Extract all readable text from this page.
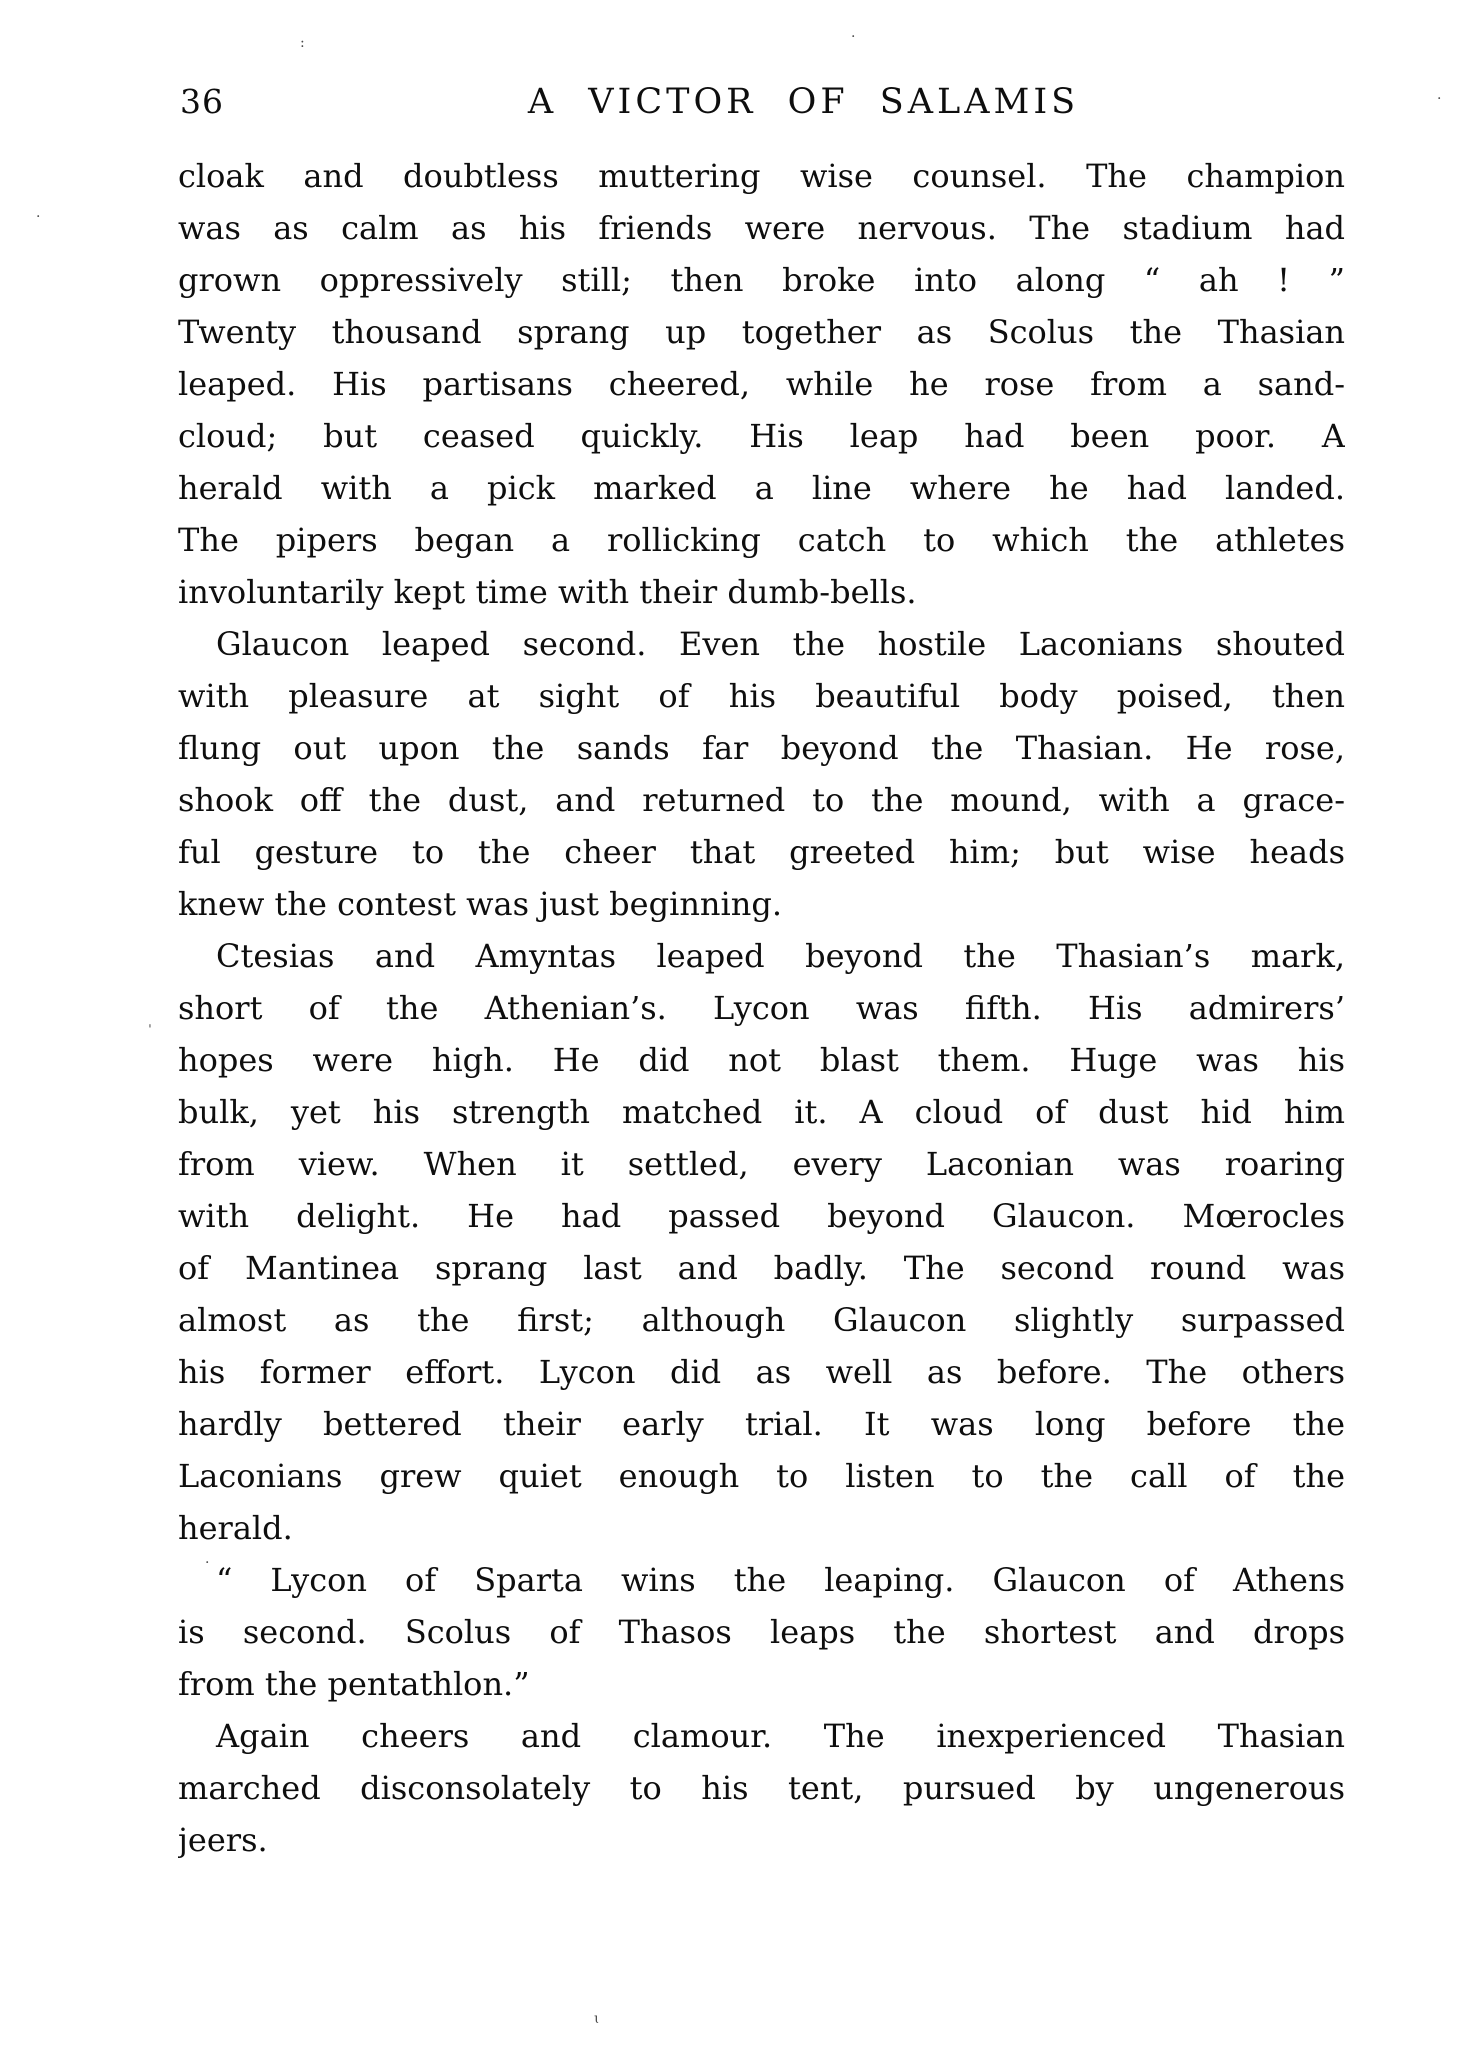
36	A VICTOR OF SALAMIS

cloak and doubtless muttering wise counsel. The champion
was as calm as his friends were nervous. The stadium had
grown oppressively still; then broke into along “ ah ! ”
Twenty thousand sprang up together as Scolus the Thasian
leaped. His partisans cheered, while he rose from a sand-
cloud; but ceased quickly. His leap had been poor. A
herald with a pick marked a line where he had landed.
The pipers began a rollicking catch to which the athletes
involuntarily kept time with their dumb-bells.

Glaucon leaped second. Even the hostile Laconians shouted
with pleasure at sight of his beautiful body poised, then
flung out upon the sands far beyond the Thasian. He rose,
shook off the dust, and returned to the mound, with a grace-
ful gesture to the cheer that greeted him; but wise heads
knew the contest was just beginning.

Ctesias and Amyntas leaped beyond the Thasian’s mark,
short of the Athenian’s. Lycon was fifth. His admirers’
hopes were high. He did not blast them. Huge was his
bulk, yet his strength matched it. A cloud of dust hid him
from view. When it settled, every Laconian was roaring
with delight. He had passed beyond Glaucon. Mœrocles
of Mantinea sprang last and badly. The second round was
almost as the first; although Glaucon slightly surpassed
his former effort. Lycon did as well as before. The others
hardly bettered their early trial. It was long before the
Laconians grew quiet enough to listen to the call of the
herald.

“ Lycon of Sparta wins the leaping. Glaucon of Athens
is second. Scolus of Thasos leaps the shortest and drops
from the pentathlon.”

Again cheers and clamour. The inexperienced Thasian
marched disconsolately to his tent, pursued by ungenerous
jeers.

:	·
·
ˈ
·
ɩ
·
